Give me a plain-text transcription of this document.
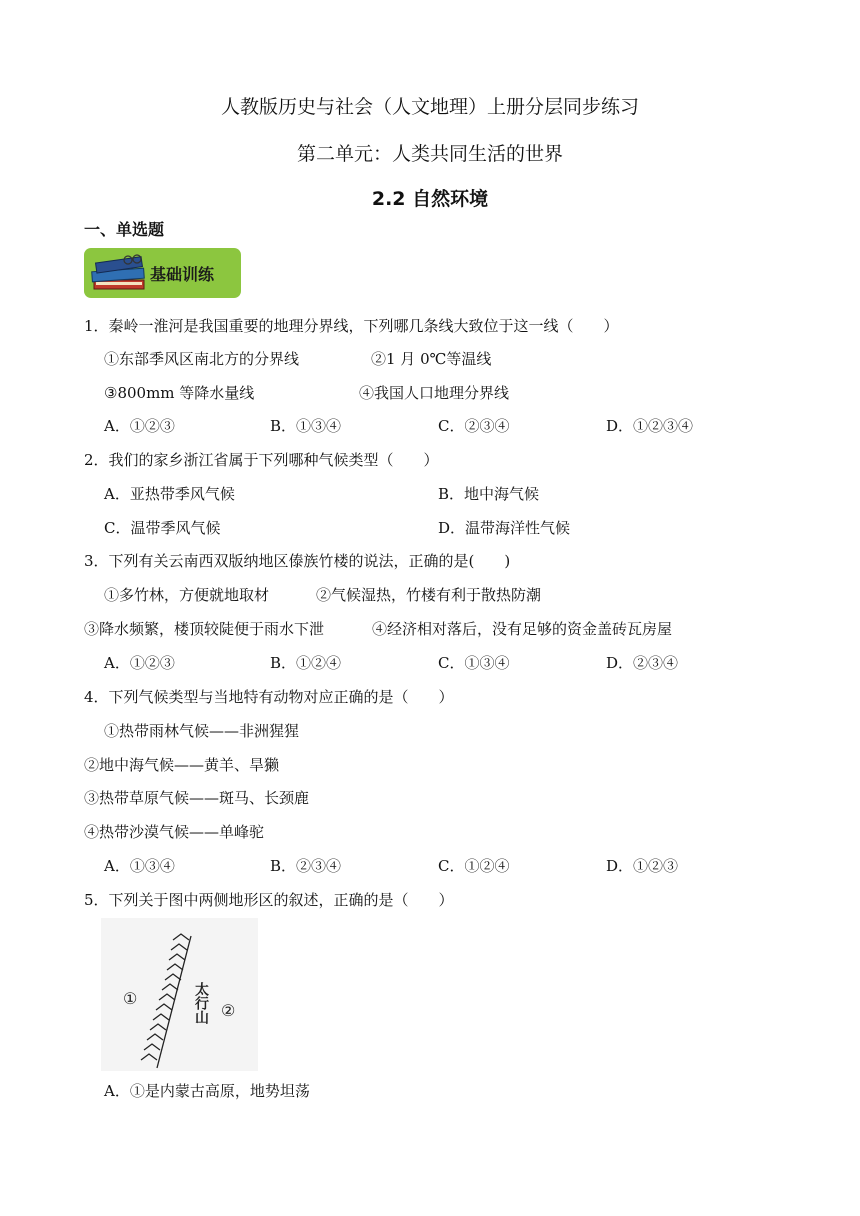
人教版历史与社会（人文地理）上册分层同步练习
第二单元：人类共同生活的世界
2.2 自然环境
一、单选题
基础训练
1．秦岭一淮河是我国重要的地理分界线，下列哪几条线大致位于这一线（　　）
①东部季风区南北方的分界线	②1 月 0℃等温线
③800mm 等降水量线	④我国人口地理分界线
A．①②③	B．①③④	C．②③④	D．①②③④
2．我们的家乡浙江省属于下列哪种气候类型（　　）
A．亚热带季风气候	B．地中海气候
C．温带季风气候	D．温带海洋性气候
3．下列有关云南西双版纳地区傣族竹楼的说法，正确的是(　　)
①多竹林，方便就地取材	②气候湿热，竹楼有利于散热防潮
③降水频繁，楼顶较陡便于雨水下泄	④经济相对落后，没有足够的资金盖砖瓦房屋
A．①②③	B．①②④	C．①③④	D．②③④
4．下列气候类型与当地特有动物对应正确的是（　　）
①热带雨林气候——非洲猩猩
②地中海气候——黄羊、旱獭
③热带草原气候——斑马、长颈鹿
④热带沙漠气候——单峰驼
A．①③④	B．②③④	C．①②④	D．①②③
5．下列关于图中两侧地形区的叙述，正确的是（　　）
①
②
太行山
A．①是内蒙古高原，地势坦荡
